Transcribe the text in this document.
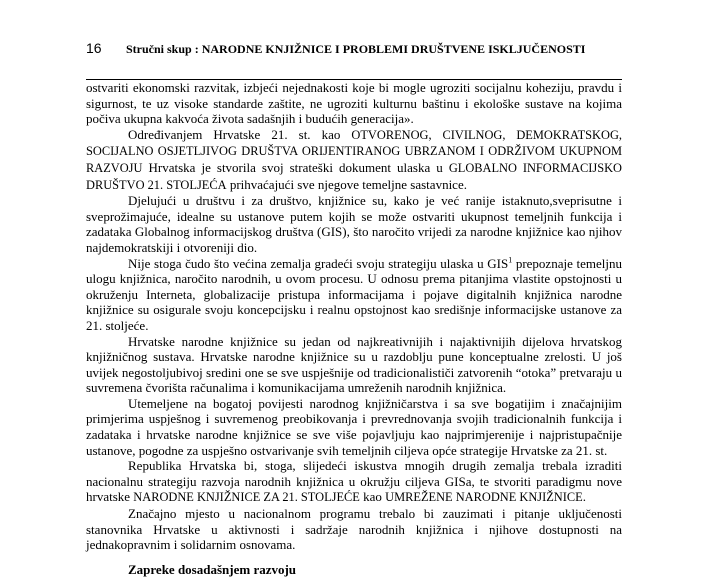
16	Stručni skup : NARODNE KNJIŽNICE I PROBLEMI DRUŠTVENE ISKLJUČENOSTI

ostvariti ekonomski razvitak, izbjeći nejednakosti koje bi mogle ugroziti socijalnu koheziju, pravdu i sigurnost, te uz visoke standarde zaštite, ne ugroziti kulturnu baštinu i ekološke sustave na kojima počiva ukupna kakvoća života sadašnjih i budućih generacija».

Određivanjem Hrvatske 21. st. kao OTVORENOG, CIVILNOG, DEMOKRATSKOG, SOCIJALNO OSJETLJIVOG DRUŠTVA ORIJENTIRANOG UBRZANOM I ODRŽIVOM UKUPNOM RAZVOJU Hrvatska je stvorila svoj strateški dokument ulaska u GLOBALNO INFORMACIJSKO DRUŠTVO 21. STOLJEĆA prihvaćajući sve njegove temeljne sastavnice.

Djelujući u društvu i za društvo, knjižnice su, kako je već ranije istaknuto,sveprisutne i sveprožimajuće, idealne su ustanove putem kojih se može ostvariti ukupnost temeljnih funkcija i zadataka Globalnog informacijskog društva (GIS), što naročito vrijedi za narodne knjižnice kao njihov najdemokratskiji i otvoreniji dio.

Nije stoga čudo što većina zemalja gradeći svoju strategiju ulaska u GIS$^1$ prepoznaje temeljnu ulogu knjižnica, naročito narodnih, u ovom procesu. U odnosu prema pitanjima vlastite opstojnosti u okruženju Interneta, globalizacije pristupa informacijama i pojave digitalnih knjižnica narodne knjižnice su osigurale svoju koncepcijsku i realnu opstojnost kao središnje informacijske ustanove za 21. stoljeće.

Hrvatske narodne knjižnice su jedan od najkreativnijih i najaktivnijih dijelova hrvatskog knjižničnog sustava. Hrvatske narodne knjižnice su u razdoblju pune konceptualne zrelosti. U još uvijek negostoljubivoj sredini one se sve uspješnije od tradicionalističi zatvorenih “otoka” pretvaraju u suvremena čvorišta računalima i komunikacijama umreženih narodnih knjižnica.

Utemeljene na bogatoj povijesti narodnog knjižničarstva i sa sve bogatijim i značajnijim primjerima uspješnog i suvremenog preobikovanja i prevrednovanja svojih tradicionalnih funkcija i zadataka i hrvatske narodne knjižnice se sve više pojavljuju kao najprimjerenije i najpristupačnije ustanove, pogodne za uspješno ostvarivanje svih temeljnih ciljeva opće strategije Hrvatske za 21. st.

Republika Hrvatska bi, stoga, slijedeći iskustva mnogih drugih zemalja trebala izraditi nacionalnu strategiju razvoja narodnih knjižnica u okružju ciljeva GISa, te stvoriti paradigmu nove hrvatske NARODNE KNJIŽNICE ZA 21. STOLJEĆE kao UMREŽENE NARODNE KNJIŽNICE.

Značajno mjesto u nacionalnom programu trebalo bi zauzimati i pitanje uključenosti stanovnika Hrvatske u aktivnosti i sadržaje narodnih knjižnica i njihove dostupnosti na jednakopravnim i solidarnim osnovama.

Zapreke dosadašnjem razvoju
